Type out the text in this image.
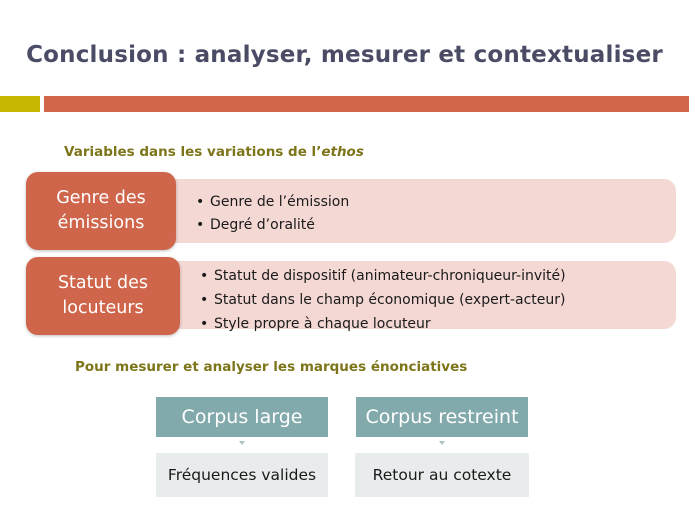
Conclusion : analyser, mesurer et contextualiser
Variables dans les variations de l’ethos
• Genre de l’émission
• Degré d’oralité
Genre des émissions
• Statut de dispositif (animateur-chroniqueur-invité)
• Statut dans le champ économique (expert-acteur)
• Style propre à chaque locuteur
Statut des locuteurs
Pour mesurer et analyser les marques énonciatives
Corpus large	Corpus restreint
Fréquences valides	Retour au cotexte
